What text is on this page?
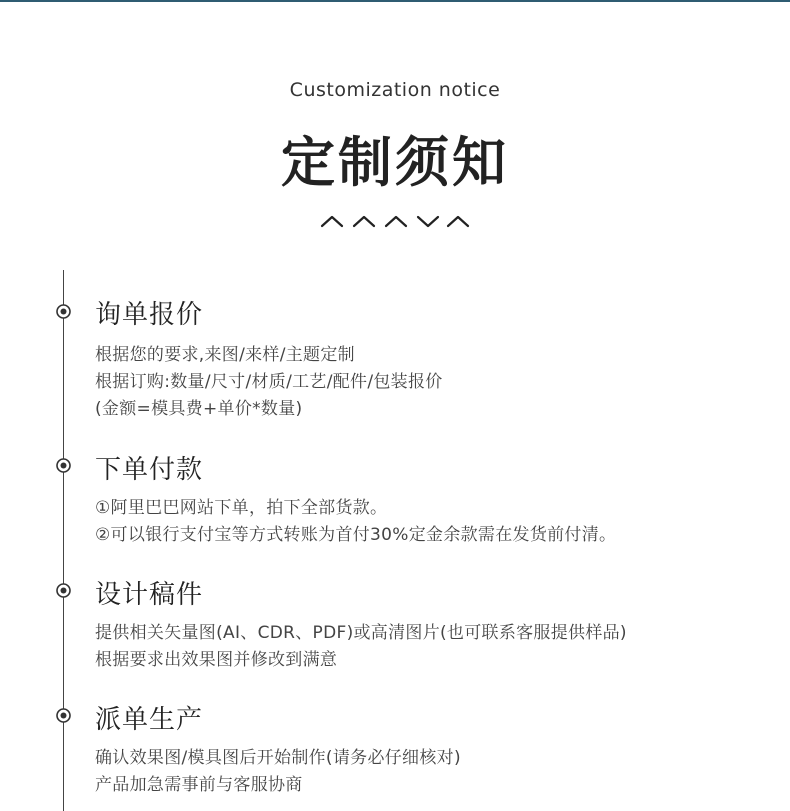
Customization notice
定制须知
询单报价
根据您的要求,来图/来样/主题定制
根据订购:数量/尺寸/材质/工艺/配件/包装报价
(金额=模具费+单价*数量)
下单付款
①阿里巴巴网站下单，拍下全部货款。
②可以银行支付宝等方式转账为首付30%定金余款需在发货前付清。
设计稿件
提供相关矢量图(AI、CDR、PDF)或高清图片(也可联系客服提供样品)
根据要求出效果图并修改到满意
派单生产
确认效果图/模具图后开始制作(请务必仔细核对)
产品加急需事前与客服协商
